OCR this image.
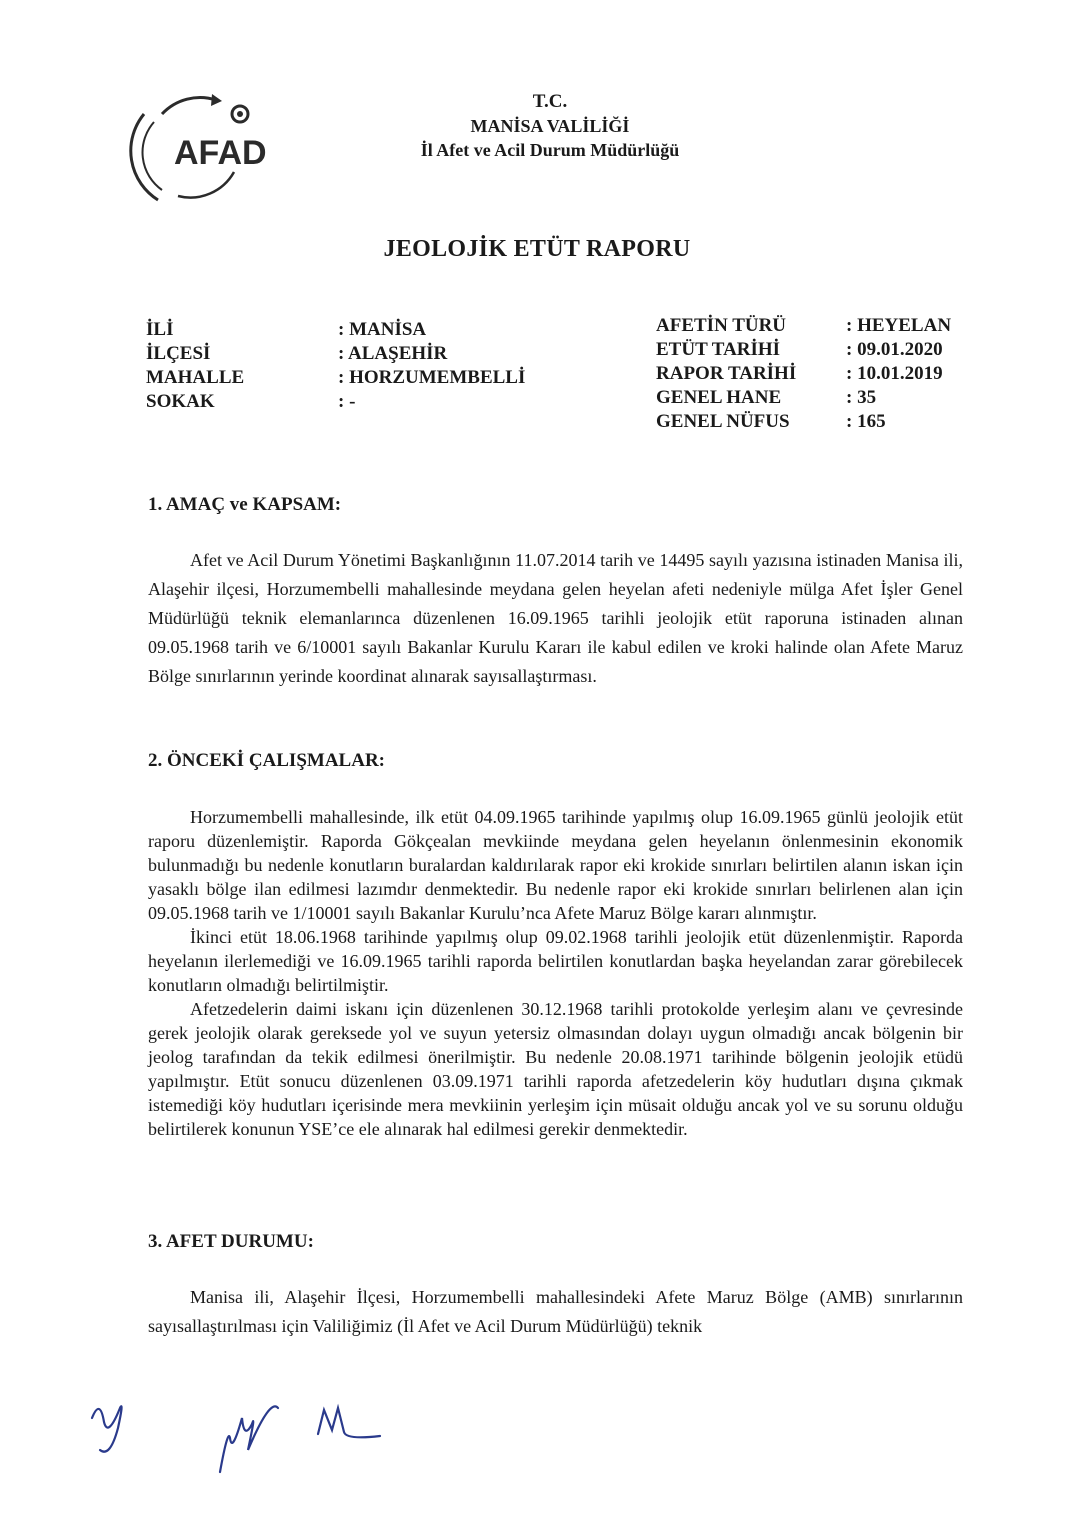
AFAD
T.C.
MANİSA VALİLİĞİ
İl Afet ve Acil Durum Müdürlüğü
JEOLOJİK ETÜT RAPORU
İLİ	: MANİSA
İLÇESİ	: ALAŞEHİR
MAHALLE	: HORZUMEMBELLİ
SOKAK	: -
AFETİN TÜRÜ	: HEYELAN
ETÜT TARİHİ	: 09.01.2020
RAPOR TARİHİ	: 10.01.2019
GENEL HANE	: 35
GENEL NÜFUS	: 165
1. AMAÇ ve KAPSAM:

Afet ve Acil Durum Yönetimi Başkanlığının 11.07.2014 tarih ve 14495 sayılı yazısına istinaden Manisa ili, Alaşehir ilçesi, Horzumembelli mahallesinde meydana gelen heyelan afeti nedeniyle mülga Afet İşler Genel Müdürlüğü teknik elemanlarınca düzenlenen 16.09.1965 tarihli jeolojik etüt raporuna istinaden alınan 09.05.1968 tarih ve 6/10001 sayılı Bakanlar Kurulu Kararı ile kabul edilen ve kroki halinde olan Afete Maruz Bölge sınırlarının yerinde koordinat alınarak sayısallaştırması.

2. ÖNCEKİ ÇALIŞMALAR:

Horzumembelli mahallesinde, ilk etüt 04.09.1965 tarihinde yapılmış olup 16.09.1965 günlü jeolojik etüt raporu düzenlemiştir. Raporda Gökçealan mevkiinde meydana gelen heyelanın önlenmesinin ekonomik bulunmadığı bu nedenle konutların buralardan kaldırılarak rapor eki krokide sınırları belirtilen alanın iskan için yasaklı bölge ilan edilmesi lazımdır denmektedir. Bu nedenle rapor eki krokide sınırları belirlenen alan için 09.05.1968 tarih ve 1/10001 sayılı Bakanlar Kurulu’nca Afete Maruz Bölge kararı alınmıştır.

İkinci etüt 18.06.1968 tarihinde yapılmış olup 09.02.1968 tarihli jeolojik etüt düzenlenmiştir. Raporda heyelanın ilerlemediği ve 16.09.1965 tarihli raporda belirtilen konutlardan başka heyelandan zarar görebilecek konutların olmadığı belirtilmiştir.

Afetzedelerin daimi iskanı için düzenlenen 30.12.1968 tarihli protokolde yerleşim alanı ve çevresinde gerek jeolojik olarak gereksede yol ve suyun yetersiz olmasından dolayı uygun olmadığı ancak bölgenin bir jeolog tarafından da tekik edilmesi önerilmiştir. Bu nedenle 20.08.1971 tarihinde bölgenin jeolojik etüdü yapılmıştır. Etüt sonucu düzenlenen 03.09.1971 tarihli raporda afetzedelerin köy hudutları dışına çıkmak istemediği köy hudutları içerisinde mera mevkiinin yerleşim için müsait olduğu ancak yol ve su sorunu olduğu belirtilerek konunun YSE’ce ele alınarak hal edilmesi gerekir denmektedir.

3. AFET DURUMU:

Manisa ili, Alaşehir İlçesi, Horzumembelli mahallesindeki Afete Maruz Bölge (AMB) sınırlarının sayısallaştırılması için Valiliğimiz (İl Afet ve Acil Durum Müdürlüğü) teknik
